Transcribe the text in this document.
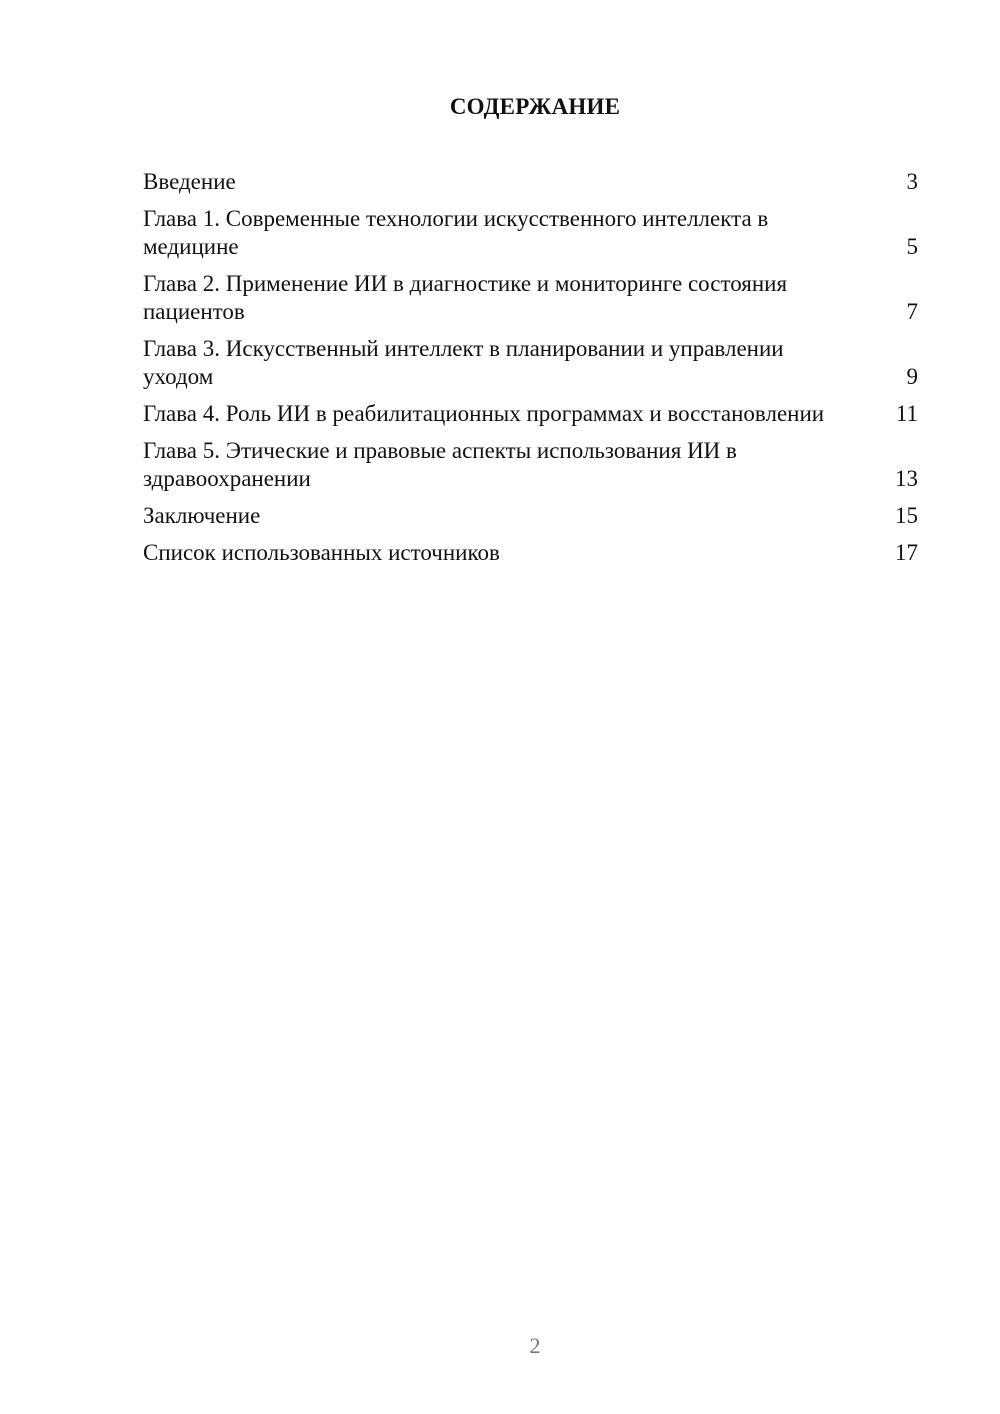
СОДЕРЖАНИЕ
Введение	3
Глава 1. Современные технологии искусственного интеллекта в медицине	5
Глава 2. Применение ИИ в диагностике и мониторинге состояния пациентов	7
Глава 3. Искусственный интеллект в планировании и управлении уходом	9
Глава 4. Роль ИИ в реабилитационных программах и восстановлении	11
Глава 5. Этические и правовые аспекты использования ИИ в здравоохранении	13
Заключение	15
Список использованных источников	17
2
